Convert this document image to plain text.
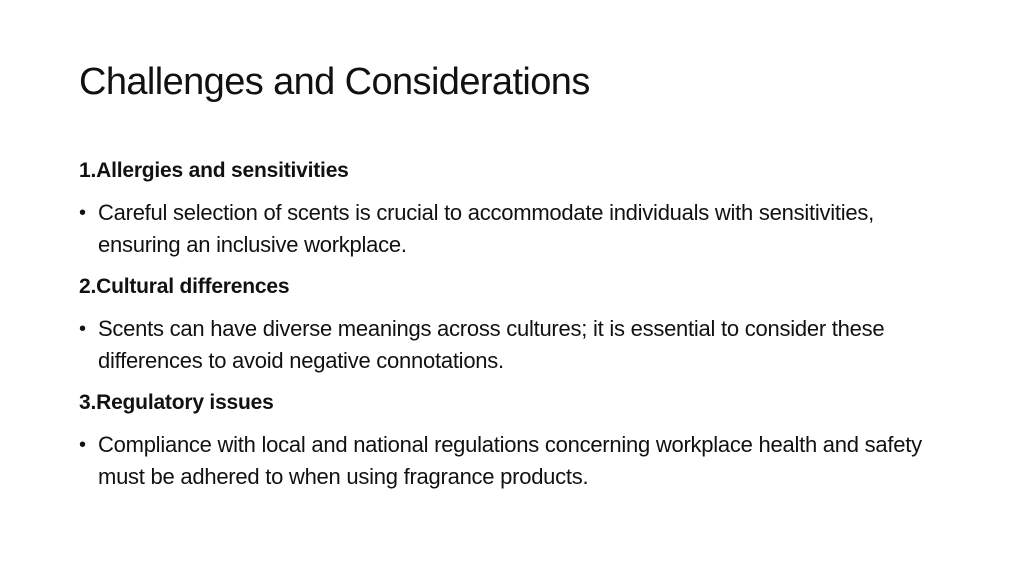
Challenges and Considerations
1.Allergies and sensitivities
• Careful selection of scents is crucial to accommodate individuals with sensitivities, ensuring an inclusive workplace.
2.Cultural differences
• Scents can have diverse meanings across cultures; it is essential to consider these differences to avoid negative connotations.
3.Regulatory issues
• Compliance with local and national regulations concerning workplace health and safety must be adhered to when using fragrance products.
